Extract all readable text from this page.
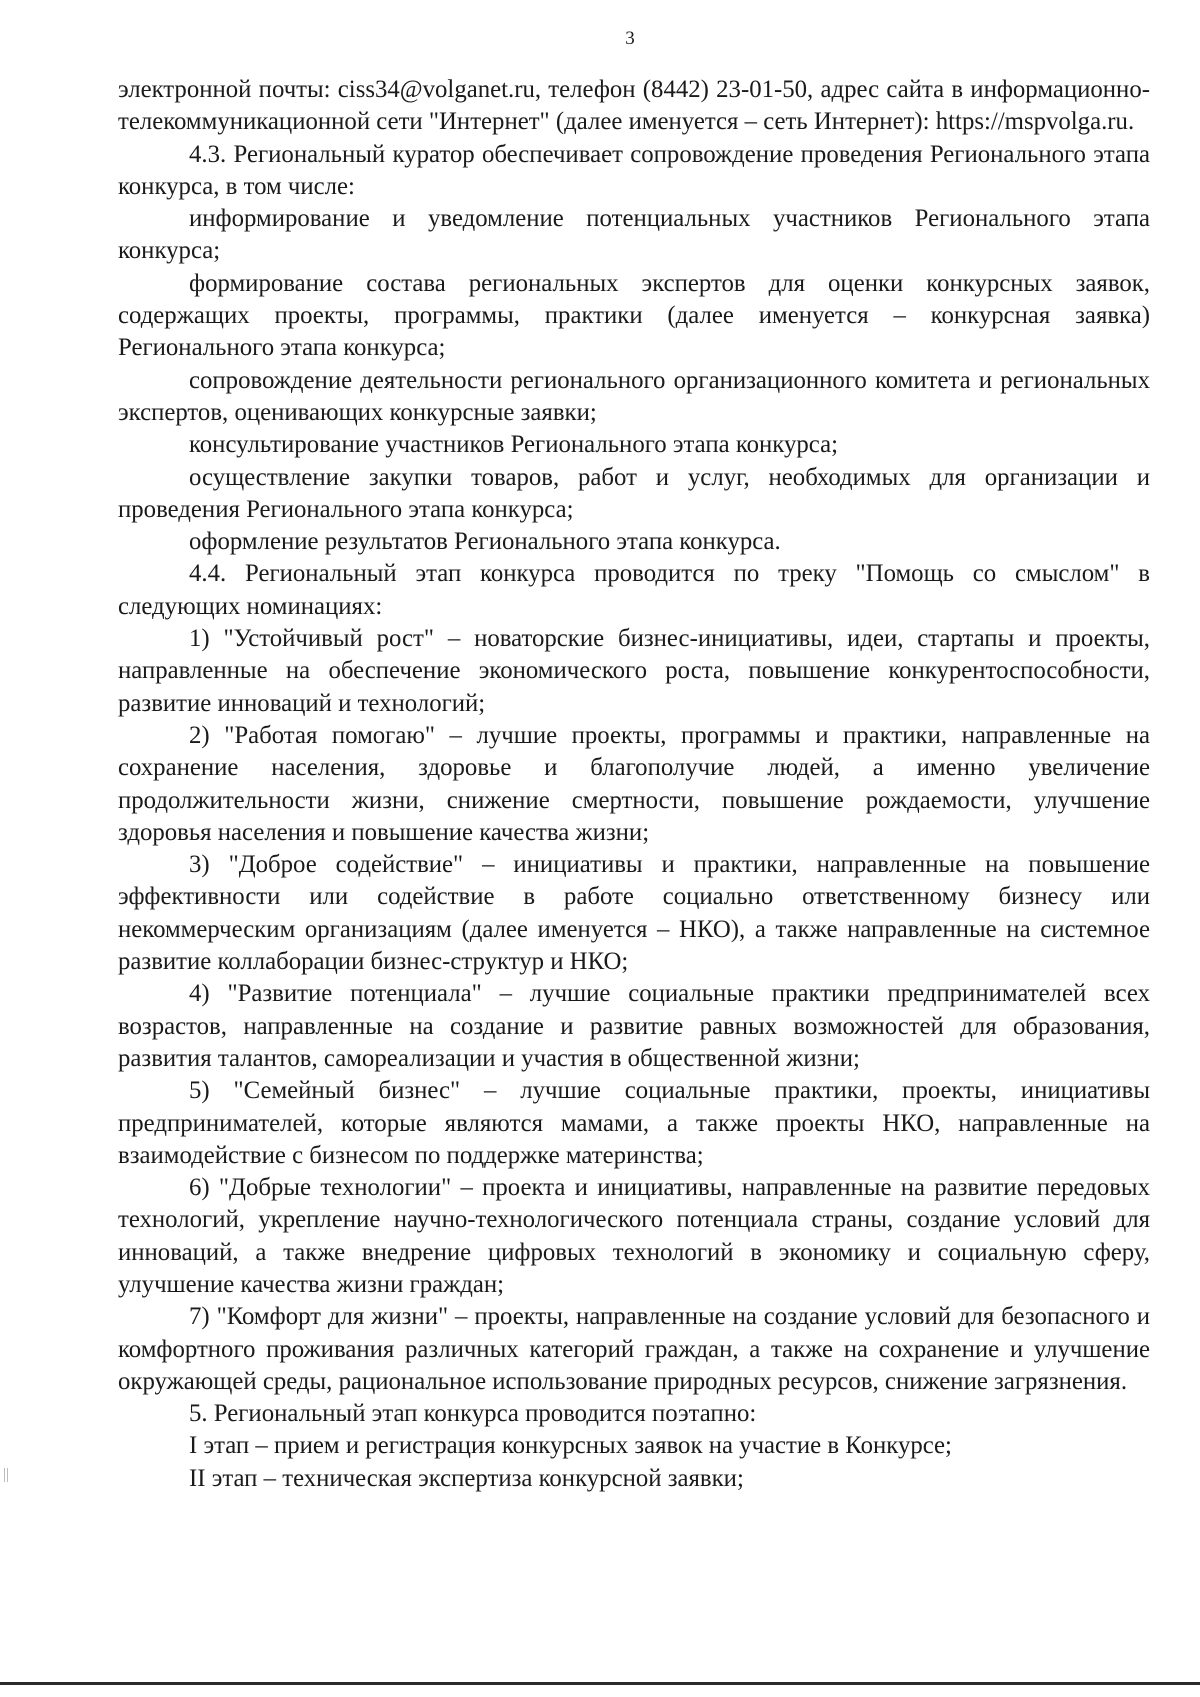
3

электронной почты: ciss34@volganet.ru, телефон (8442) 23-01-50, адрес сайта в информационно-телекоммуникационной сети "Интернет" (далее именуется – сеть Интернет): https://mspvolga.ru.

4.3. Региональный куратор обеспечивает сопровождение проведения Регионального этапа конкурса, в том числе:

информирование и уведомление потенциальных участников Регионального этапа конкурса;

формирование состава региональных экспертов для оценки конкурсных заявок, содержащих проекты, программы, практики (далее именуется – конкурсная заявка) Регионального этапа конкурса;

сопровождение деятельности регионального организационного комитета и региональных экспертов, оценивающих конкурсные заявки;

консультирование участников Регионального этапа конкурса;

осуществление закупки товаров, работ и услуг, необходимых для организации и проведения Регионального этапа конкурса;

оформление результатов Регионального этапа конкурса.

4.4. Региональный этап конкурса проводится по треку "Помощь со смыслом" в следующих номинациях:

1) "Устойчивый рост" – новаторские бизнес-инициативы, идеи, стартапы и проекты, направленные на обеспечение экономического роста, повышение конкурентоспособности, развитие инноваций и технологий;

2) "Работая помогаю" – лучшие проекты, программы и практики, направленные на сохранение населения, здоровье и благополучие людей, а именно увеличение продолжительности жизни, снижение смертности, повышение рождаемости, улучшение здоровья населения и повышение качества жизни;

3) "Доброе содействие" – инициативы и практики, направленные на повышение эффективности или содействие в работе социально ответственному бизнесу или некоммерческим организациям (далее именуется – НКО), а также направленные на системное развитие коллаборации бизнес-структур и НКО;

4) "Развитие потенциала" – лучшие социальные практики предпринимателей всех возрастов, направленные на создание и развитие равных возможностей для образования, развития талантов, самореализации и участия в общественной жизни;

5) "Семейный бизнес" – лучшие социальные практики, проекты, инициативы предпринимателей, которые являются мамами, а также проекты НКО, направленные на взаимодействие с бизнесом по поддержке материнства;

6) "Добрые технологии" – проекта и инициативы, направленные на развитие передовых технологий, укрепление научно-технологического потенциала страны, создание условий для инноваций, а также внедрение цифровых технологий в экономику и социальную сферу, улучшение качества жизни граждан;

7) "Комфорт для жизни" – проекты, направленные на создание условий для безопасного и комфортного проживания различных категорий граждан, а также на сохранение и улучшение окружающей среды, рациональное использование природных ресурсов, снижение загрязнения.

5. Региональный этап конкурса проводится поэтапно:

I этап – прием и регистрация конкурсных заявок на участие в Конкурсе;

II этап – техническая экспертиза конкурсной заявки;
